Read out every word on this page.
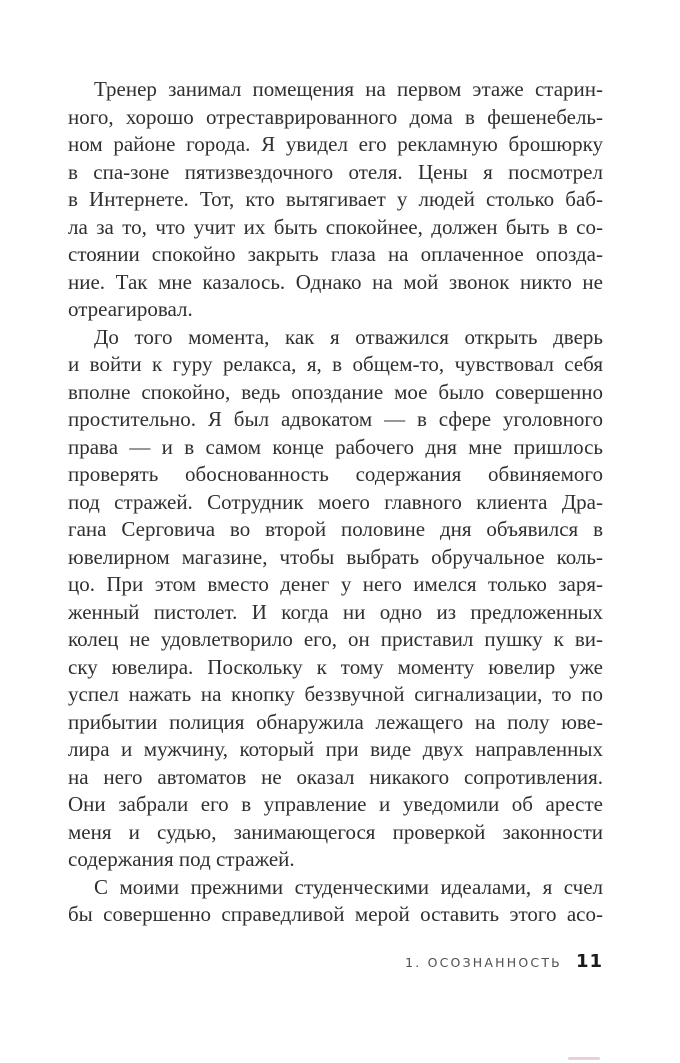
Тренер занимал помещения на первом этаже старин-
ного, хорошо отреставрированного дома в фешенебель-
ном районе города. Я увидел его рекламную брошюрку
в спа-зоне пятизвездочного отеля. Цены я посмотрел
в Интернете. Тот, кто вытягивает у людей столько баб-
ла за то, что учит их быть спокойнее, должен быть в со-
стоянии спокойно закрыть глаза на оплаченное опозда-
ние. Так мне казалось. Однако на мой звонок никто не
отреагировал.
До того момента, как я отважился открыть дверь
и войти к гуру релакса, я, в общем-то, чувствовал себя
вполне спокойно, ведь опоздание мое было совершенно
простительно. Я был адвокатом — в сфере уголовного
права — и в самом конце рабочего дня мне пришлось
проверять обоснованность содержания обвиняемого
под стражей. Сотрудник моего главного клиента Дра-
гана Серговича во второй половине дня объявился в
ювелирном магазине, чтобы выбрать обручальное коль-
цо. При этом вместо денег у него имелся только заря-
женный пистолет. И когда ни одно из предложенных
колец не удовлетворило его, он приставил пушку к ви-
ску ювелира. Поскольку к тому моменту ювелир уже
успел нажать на кнопку беззвучной сигнализации, то по
прибытии полиция обнаружила лежащего на полу юве-
лира и мужчину, который при виде двух направленных
на него автоматов не оказал никакого сопротивления.
Они забрали его в управление и уведомили об аресте
меня и судью, занимающегося проверкой законности
содержания под стражей.
С моими прежними студенческими идеалами, я счел
бы совершенно справедливой мерой оставить этого асо-
1. ОСОЗНАННОСТЬ 11
